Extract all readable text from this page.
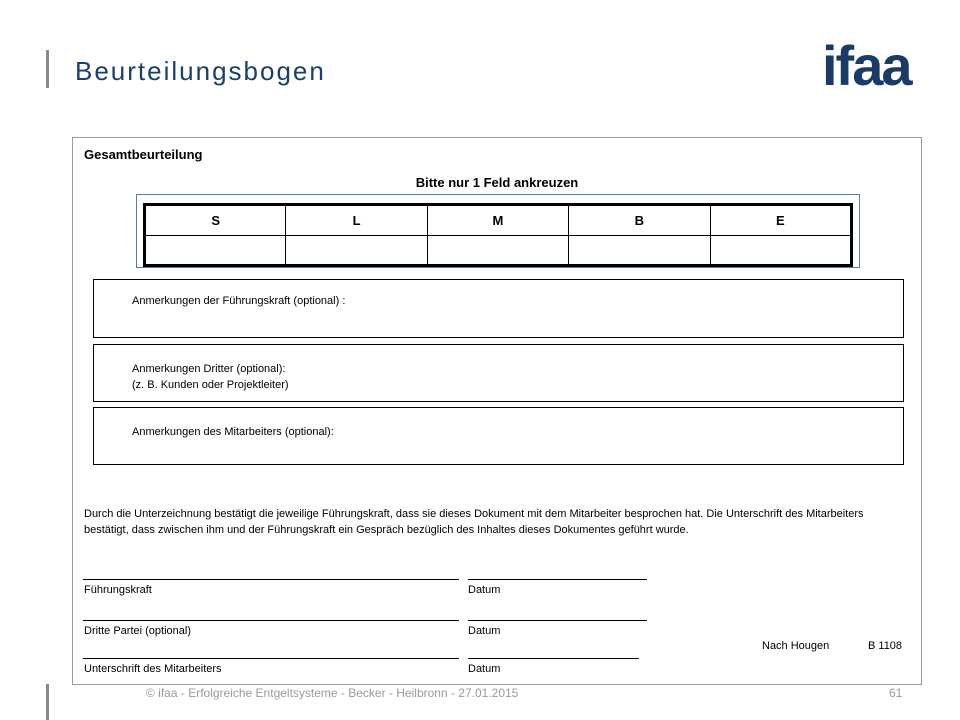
Beurteilungsbogen	ifaa
Gesamtbeurteilung
Bitte nur 1 Feld ankreuzen
S	L	M	B	E

Anmerkungen der Führungskraft (optional) :
Anmerkungen Dritter (optional):
(z. B. Kunden oder Projektleiter)
Anmerkungen des Mitarbeiters (optional):
Durch die Unterzeichnung bestätigt die jeweilige Führungskraft, dass sie dieses Dokument mit dem Mitarbeiter besprochen hat. Die Unterschrift des Mitarbeiters bestätigt, dass zwischen ihm und der Führungskraft ein Gespräch bezüglich des Inhaltes dieses Dokumentes geführt wurde.
Führungskraft	Datum
Dritte Partei (optional)	Datum
Nach Hougen	B 1108
Unterschrift des Mitarbeiters	Datum
© ifaa - Erfolgreiche Entgeltsysteme - Becker - Heilbronn - 27.01.2015	61
